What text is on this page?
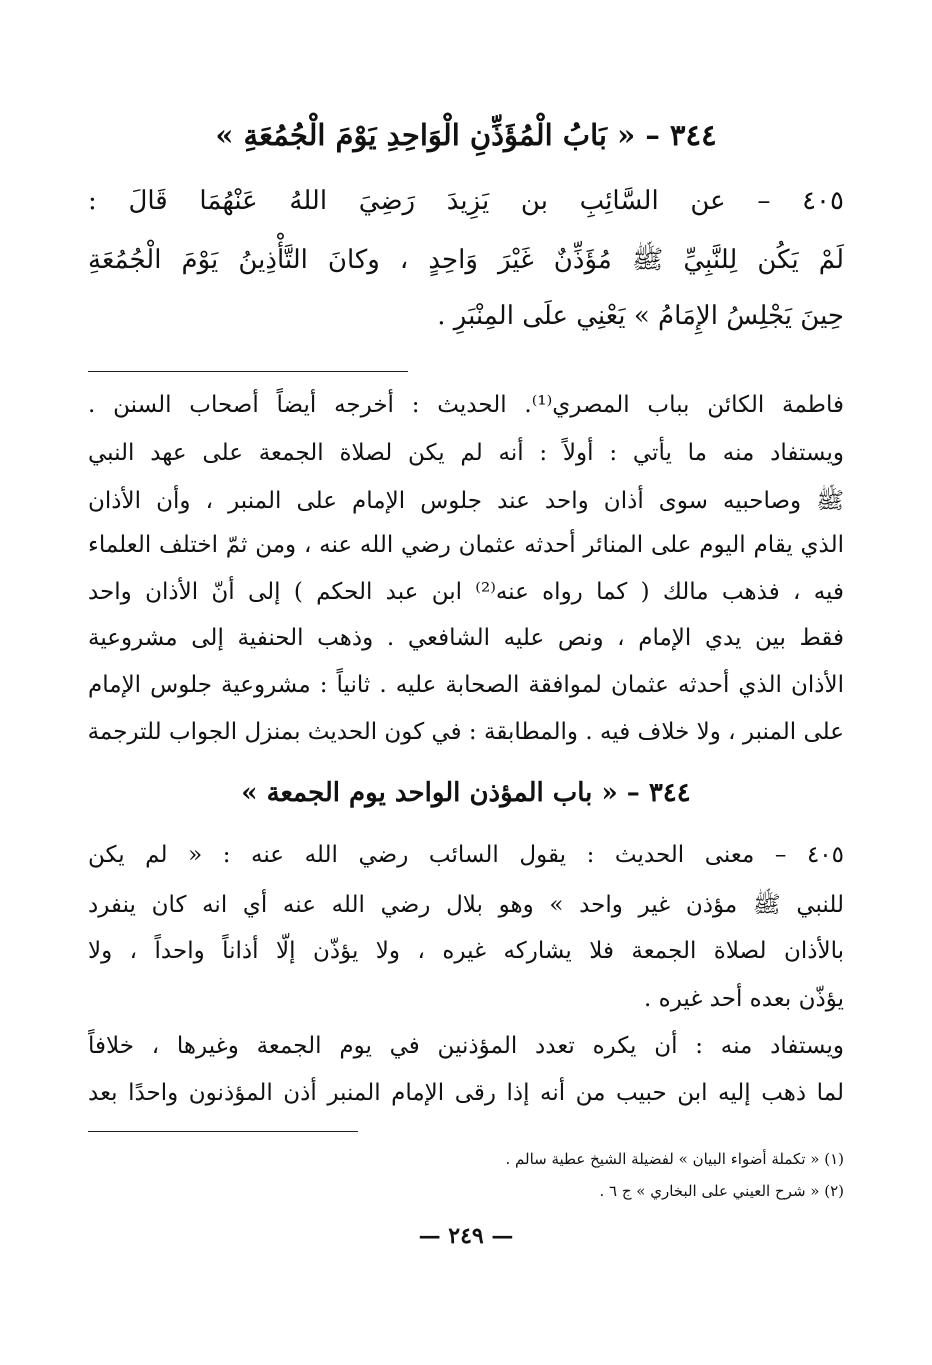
٣٤٤ – « بَابُ الْمُؤَذِّنِ الْوَاحِدِ يَوْمَ الْجُمُعَةِ »
٤٠٥ – عن السَّائِبِ بن يَزِيدَ رَضِيَ اللهُ عَنْهُمَا قَالَ :
لَمْ يَكُن لِلنَّبِيِّ ﷺ مُؤَذِّنٌ غَيْرَ وَاحِدٍ ، وكانَ التَّأْذِينُ يَوْمَ الْجُمُعَةِ
حِينَ يَجْلِسُ الإِمَامُ » يَعْنِي علَى المِنْبَرِ .
فاطمة الكائن بباب المصري⁽¹⁾. الحديث : أخرجه أيضاً أصحاب السنن .
ويستفاد منه ما يأتي : أولاً : أنه لم يكن لصلاة الجمعة على عهد النبي
ﷺ وصاحبيه سوى أذان واحد عند جلوس الإمام على المنبر ، وأن الأذان
الذي يقام اليوم على المنائر أحدثه عثمان رضي الله عنه ، ومن ثمّ اختلف العلماء
فيه ، فذهب مالك ( كما رواه عنه⁽²⁾ ابن عبد الحكم ) إلى أنّ الأذان واحد
فقط بين يدي الإمام ، ونص عليه الشافعي . وذهب الحنفية إلى مشروعية
الأذان الذي أحدثه عثمان لموافقة الصحابة عليه . ثانياً : مشروعية جلوس الإمام
على المنبر ، ولا خلاف فيه . والمطابقة : في كون الحديث بمنزل الجواب للترجمة
٣٤٤ – « باب المؤذن الواحد يوم الجمعة »
٤٠٥ – معنى الحديث : يقول السائب رضي الله عنه : « لم يكن
للنبي ﷺ مؤذن غير واحد » وهو بلال رضي الله عنه أي انه كان ينفرد
بالأذان لصلاة الجمعة فلا يشاركه غيره ، ولا يؤذّن إلّا أذاناً واحداً ، ولا
يؤذّن بعده أحد غيره .
ويستفاد منه : أن يكره تعدد المؤذنين في يوم الجمعة وغيرها ، خلافاً
لما ذهب إليه ابن حبيب من أنه إذا رقى الإمام المنبر أذن المؤذنون واحدًا بعد
(١) « تكملة أضواء البيان » لفضيلة الشيخ عطية سالم .
(٢) « شرح العيني على البخاري » ج ٦ .
— ٢٤٩ —
